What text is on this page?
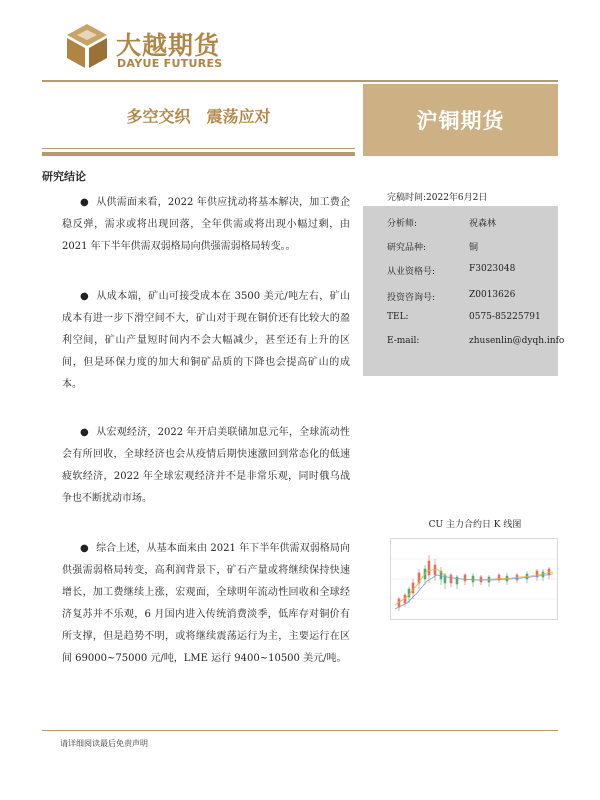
大越期货
DAYUE FUTURES
多空交织　震荡应对	沪铜期货
研究结论

● 从供需面来看，2022 年供应扰动将基本解决，加工费企稳反弹，需求或将出现回落，全年供需或将出现小幅过剩，由 2021 年下半年供需双弱格局向供强需弱格局转变。。

● 从成本端，矿山可接受成本在 3500 美元/吨左右，矿山成本有进一步下滑空间不大，矿山对于现在铜价还有比较大的盈利空间，矿山产量短时间内不会大幅减少，甚至还有上升的区间，但是环保力度的加大和铜矿品质的下降也会提高矿山的成本。

● 从宏观经济，2022 年开启美联储加息元年，全球流动性会有所回收，全球经济也会从疫情后期快速激回到常态化的低速疲软经济，2022 年全球宏观经济并不是非常乐观，同时俄乌战争也不断扰动市场。

● 综合上述，从基本面来由 2021 年下半年供需双弱格局向供强需弱格局转变，高利润背景下，矿石产量或将继续保持快速增长，加工费继续上涨，宏观面，全球明年流动性回收和全球经济复苏并不乐观，6 月国内进入传统消费淡季，低库存对铜价有所支撑，但是趋势不明，或将继续震荡运行为主，主要运行在区间 69000~75000 元/吨，LME 运行 9400~10500 美元/吨。

完稿时间:2022年6月2日
分析师:	祝森林
研究品种:	铜
从业资格号:	F3023048
投资咨询号:	Z0013626
TEL:	0575-85225791
E-mail:	zhusenlin@dyqh.info
CU 主力合约日 K 线图
请详细阅读最后免责声明
